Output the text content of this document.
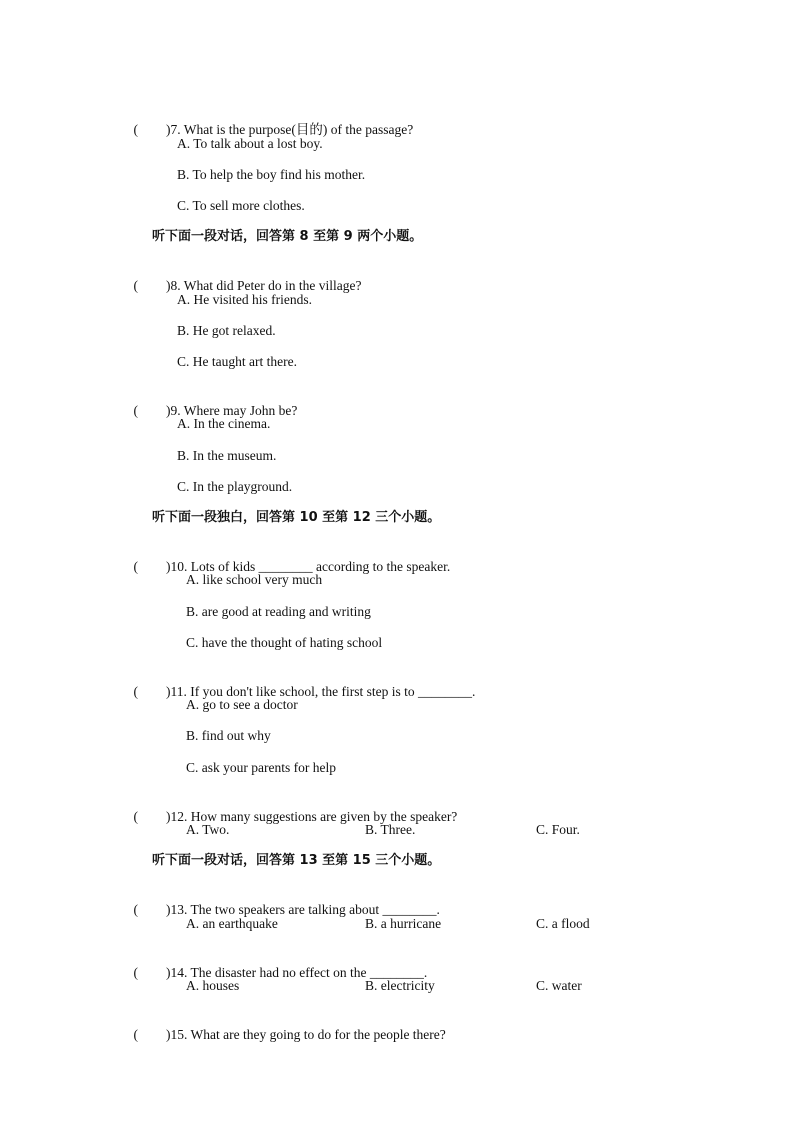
( )7. What is the purpose(目的) of the passage?

A. To talk about a lost boy.
B. To help the boy find his mother.
C. To sell more clothes.
听下面一段对话，回答第 8 至第 9 两个小题。

( )8. What did Peter do in the village?

A. He visited his friends.
B. He got relaxed.
C. He taught art there.

( )9. Where may John be?

A. In the cinema.
B. In the museum.
C. In the playground.
听下面一段独白，回答第 10 至第 12 三个小题。

( )10. Lots of kids ________ according to the speaker.

A. like school very much
B. are good at reading and writing
C. have the thought of hating school

( )11. If you don't like school, the first step is to ________.

A. go to see a doctor
B. find out why
C. ask your parents for help

( )12. How many suggestions are given by the speaker?

A. Two.	B. Three.	C. Four.
听下面一段对话，回答第 13 至第 15 三个小题。

( )13. The two speakers are talking about ________.

A. an earthquake	B. a hurricane	C. a flood

( )14. The disaster had no effect on the ________.

A. houses	B. electricity	C. water

( )15. What are they going to do for the people there?
